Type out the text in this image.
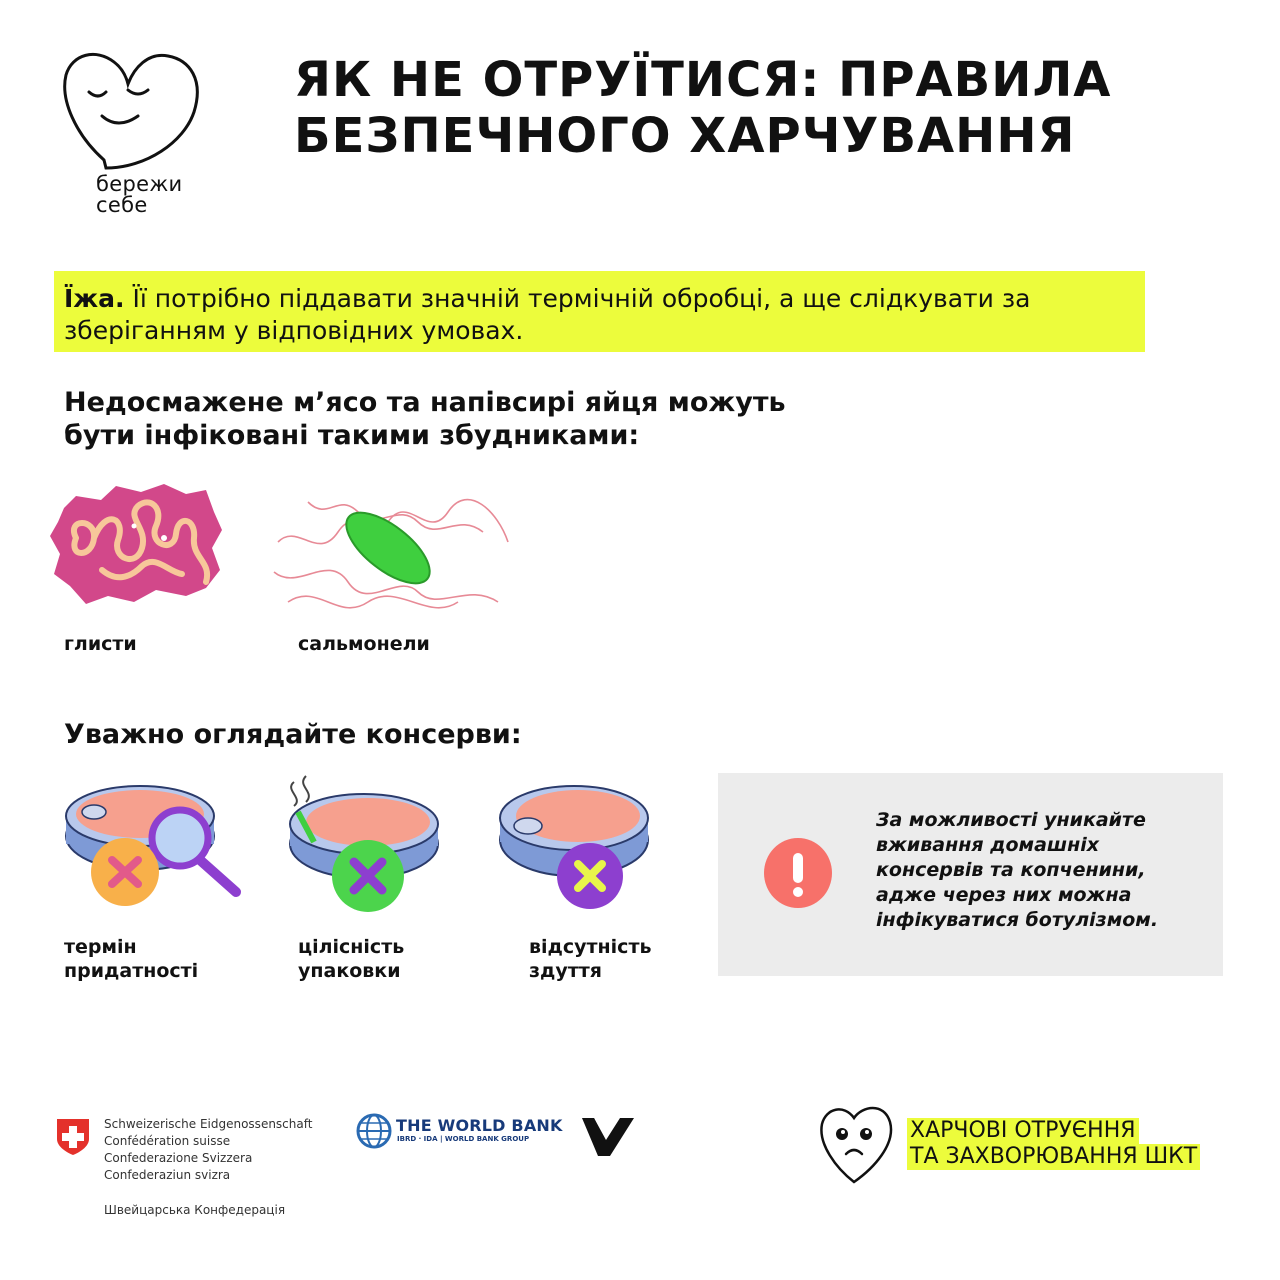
бережи
себе
ЯК НЕ ОТРУЇТИСЯ: ПРАВИЛА
БЕЗПЕЧНОГО ХАРЧУВАННЯ
Їжа. Її потрібно піддавати значній термічній обробці, а ще слідкувати за зберіганням у відповідних умовах.
Недосмажене м’ясо та напівсирі яйця можуть
бути інфіковані такими збудниками:
глисти	сальмонели
Уважно оглядайте консерви:
термін
придатності
цілісність
упаковки
відсутність
здуття
За можливості уникайте
вживання домашніх
консервів та копченини,
адже через них можна
інфікуватися ботулізмом.
Schweizerische Eidgenossenschaft
Confédération suisse
Confederazione Svizzera
Confederaziun svizra
Швейцарська Конфедерація
THE WORLD BANK
IBRD · IDA | WORLD BANK GROUP	ХАРЧОВІ ОТРУЄННЯ
ТА ЗАХВОРЮВАННЯ ШКТ
